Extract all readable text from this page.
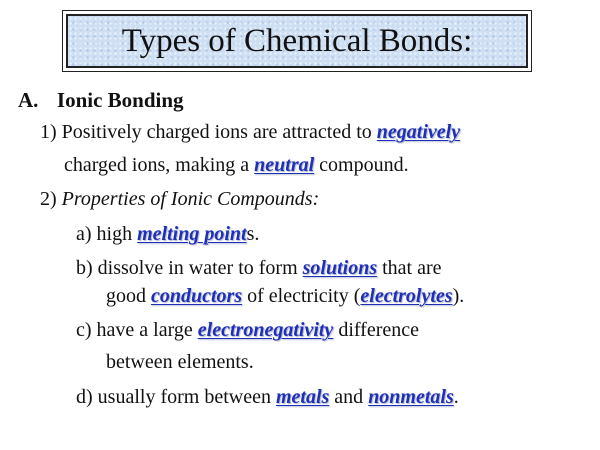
Types of Chemical Bonds:
A. Ionic Bonding
1) Positively charged ions are attracted to negatively
charged ions, making a neutral compound.
2) Properties of Ionic Compounds:
a) high melting points.
b) dissolve in water to form solutions that are
good conductors of electricity (electrolytes).
c) have a large electronegativity difference
between elements.
d) usually form between metals and nonmetals.
